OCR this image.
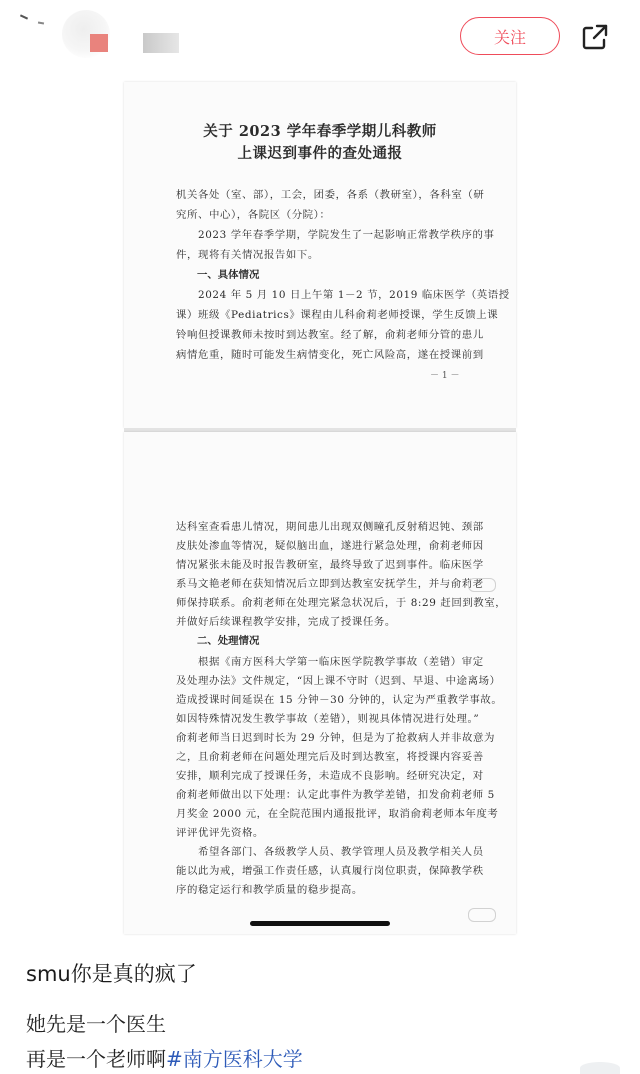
关注
关于 2023 学年春季学期儿科教师
上课迟到事件的查处通报
机关各处（室、部），工会，团委，各系（教研室），各科室（研
究所、中心），各院区（分院）：
　　2023 学年春季学期，学院发生了一起影响正常教学秩序的事
件，现将有关情况报告如下。
一、具体情况
　　2024 年 5 月 10 日上午第 1－2 节，2019 临床医学（英语授
课）班级《Pediatrics》课程由儿科俞莉老师授课，学生反馈上课
铃响但授课教师未按时到达教室。经了解，俞莉老师分管的患儿
病情危重，随时可能发生病情变化，死亡风险高，遂在授课前到
－ 1 －
达科室查看患儿情况，期间患儿出现双侧瞳孔反射稍迟钝、颈部
皮肤处渗血等情况，疑似脑出血，遂进行紧急处理，俞莉老师因
情况紧张未能及时报告教研室，最终导致了迟到事件。临床医学
系马文艳老师在获知情况后立即到达教室安抚学生，并与俞莉老
师保持联系。俞莉老师在处理完紧急状况后，于 8:29 赶回到教室，
并做好后续课程教学安排，完成了授课任务。
二、处理情况
　　根据《南方医科大学第一临床医学院教学事故（差错）审定
及处理办法》文件规定，“因上课不守时（迟到、早退、中途离场）
造成授课时间延误在 15 分钟－30 分钟的，认定为严重教学事故。
如因特殊情况发生教学事故（差错），则视具体情况进行处理。”
俞莉老师当日迟到时长为 29 分钟，但是为了抢救病人并非故意为
之，且俞莉老师在问题处理完后及时到达教室，将授课内容妥善
安排，顺利完成了授课任务，未造成不良影响。经研究决定，对
俞莉老师做出以下处理：认定此事件为教学差错，扣发俞莉老师 5
月奖金 2000 元，在全院范围内通报批评，取消俞莉老师本年度考
评评优评先资格。
　　希望各部门、各级教学人员、教学管理人员及教学相关人员
能以此为戒，增强工作责任感，认真履行岗位职责，保障教学秩
序的稳定运行和教学质量的稳步提高。
smu你是真的疯了
她先是一个医生
再是一个老师啊#南方医科大学
